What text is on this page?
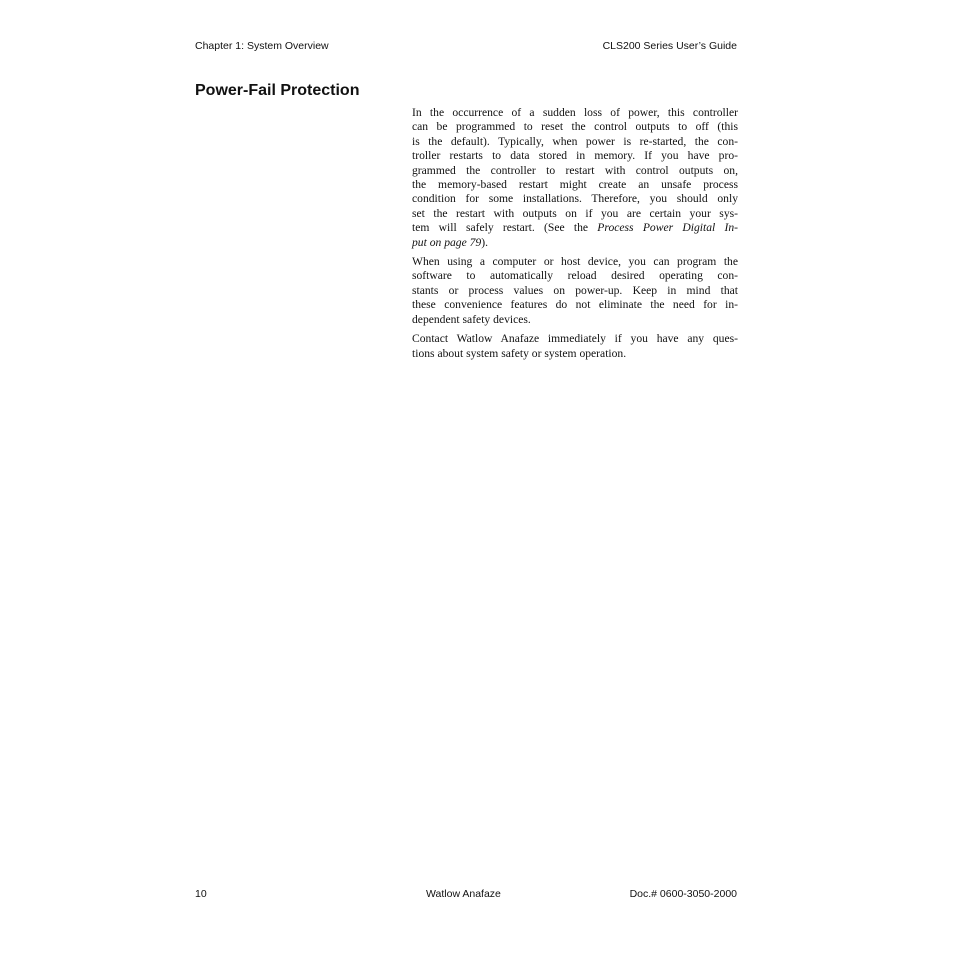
Chapter 1: System Overview	CLS200 Series User’s Guide
Power-Fail Protection

In the occurrence of a sudden loss of power, this controller
can be programmed to reset the control outputs to off (this
is the default). Typically, when power is re-started, the con-
troller restarts to data stored in memory. If you have pro-
grammed the controller to restart with control outputs on,
the memory-based restart might create an unsafe process
condition for some installations. Therefore, you should only
set the restart with outputs on if you are certain your sys-
tem will safely restart. (See the Process Power Digital In-
put on page 79).

When using a computer or host device, you can program the
software to automatically reload desired operating con-
stants or process values on power-up. Keep in mind that
these convenience features do not eliminate the need for in-
dependent safety devices.

Contact Watlow Anafaze immediately if you have any ques-
tions about system safety or system operation.

10	Watlow Anafaze	Doc.# 0600-3050-2000
